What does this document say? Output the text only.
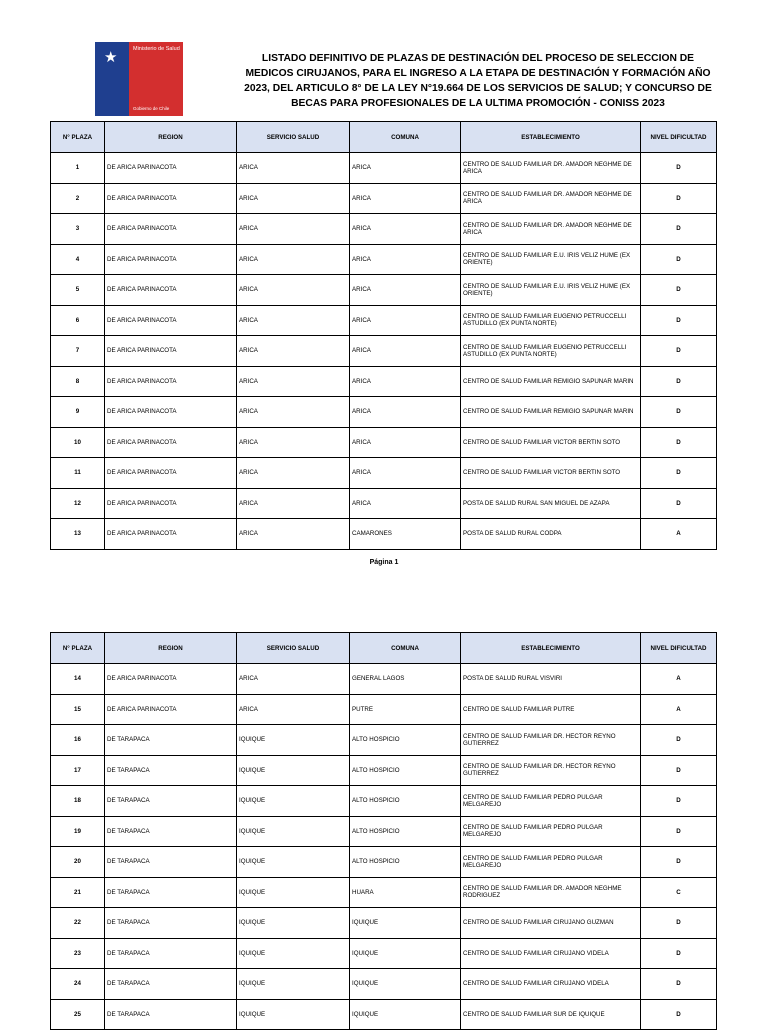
★	Ministerio de Salud
Gobierno de Chile
LISTADO DEFINITIVO DE PLAZAS DE DESTINACIÓN DEL PROCESO DE SELECCION DE MEDICOS CIRUJANOS, PARA EL INGRESO A LA ETAPA DE DESTINACIÓN Y FORMACIÓN AÑO 2023, DEL ARTICULO 8° DE LA LEY N°19.664 DE LOS SERVICIOS DE SALUD; Y CONCURSO DE BECAS PARA PROFESIONALES DE LA ULTIMA PROMOCIÓN - CONISS 2023
N° PLAZA	REGION	SERVICIO SALUD	COMUNA	ESTABLECIMIENTO	NIVEL DIFICULTAD
1	DE ARICA PARINACOTA	ARICA	ARICA	CENTRO DE SALUD FAMILIAR DR. AMADOR NEGHME DE ARICA	D
2	DE ARICA PARINACOTA	ARICA	ARICA	CENTRO DE SALUD FAMILIAR DR. AMADOR NEGHME DE ARICA	D
3	DE ARICA PARINACOTA	ARICA	ARICA	CENTRO DE SALUD FAMILIAR DR. AMADOR NEGHME DE ARICA	D
4	DE ARICA PARINACOTA	ARICA	ARICA	CENTRO DE SALUD FAMILIAR E.U. IRIS VELIZ HUME (EX ORIENTE)	D
5	DE ARICA PARINACOTA	ARICA	ARICA	CENTRO DE SALUD FAMILIAR E.U. IRIS VELIZ HUME (EX ORIENTE)	D
6	DE ARICA PARINACOTA	ARICA	ARICA	CENTRO DE SALUD FAMILIAR EUGENIO PETRUCCELLI ASTUDILLO (EX PUNTA NORTE)	D
7	DE ARICA PARINACOTA	ARICA	ARICA	CENTRO DE SALUD FAMILIAR EUGENIO PETRUCCELLI ASTUDILLO (EX PUNTA NORTE)	D
8	DE ARICA PARINACOTA	ARICA	ARICA	CENTRO DE SALUD FAMILIAR REMIGIO SAPUNAR MARIN	D
9	DE ARICA PARINACOTA	ARICA	ARICA	CENTRO DE SALUD FAMILIAR REMIGIO SAPUNAR MARIN	D
10	DE ARICA PARINACOTA	ARICA	ARICA	CENTRO DE SALUD FAMILIAR VICTOR BERTIN SOTO	D
11	DE ARICA PARINACOTA	ARICA	ARICA	CENTRO DE SALUD FAMILIAR VICTOR BERTIN SOTO	D
12	DE ARICA PARINACOTA	ARICA	ARICA	POSTA DE SALUD RURAL SAN MIGUEL DE AZAPA	D
13	DE ARICA PARINACOTA	ARICA	CAMARONES	POSTA DE SALUD RURAL CODPA	A
Página 1
N° PLAZA	REGION	SERVICIO SALUD	COMUNA	ESTABLECIMIENTO	NIVEL DIFICULTAD
14	DE ARICA PARINACOTA	ARICA	GENERAL LAGOS	POSTA DE SALUD RURAL VISVIRI	A
15	DE ARICA PARINACOTA	ARICA	PUTRE	CENTRO DE SALUD FAMILIAR PUTRE	A
16	DE TARAPACA	IQUIQUE	ALTO HOSPICIO	CENTRO DE SALUD FAMILIAR DR. HECTOR REYNO GUTIERREZ	D
17	DE TARAPACA	IQUIQUE	ALTO HOSPICIO	CENTRO DE SALUD FAMILIAR DR. HECTOR REYNO GUTIERREZ	D
18	DE TARAPACA	IQUIQUE	ALTO HOSPICIO	CENTRO DE SALUD FAMILIAR PEDRO PULGAR MELGAREJO	D
19	DE TARAPACA	IQUIQUE	ALTO HOSPICIO	CENTRO DE SALUD FAMILIAR PEDRO PULGAR MELGAREJO	D
20	DE TARAPACA	IQUIQUE	ALTO HOSPICIO	CENTRO DE SALUD FAMILIAR PEDRO PULGAR MELGAREJO	D
21	DE TARAPACA	IQUIQUE	HUARA	CENTRO DE SALUD FAMILIAR DR. AMADOR NEGHME RODRIGUEZ	C
22	DE TARAPACA	IQUIQUE	IQUIQUE	CENTRO DE SALUD FAMILIAR CIRUJANO GUZMAN	D
23	DE TARAPACA	IQUIQUE	IQUIQUE	CENTRO DE SALUD FAMILIAR CIRUJANO VIDELA	D
24	DE TARAPACA	IQUIQUE	IQUIQUE	CENTRO DE SALUD FAMILIAR CIRUJANO VIDELA	D
25	DE TARAPACA	IQUIQUE	IQUIQUE	CENTRO DE SALUD FAMILIAR SUR DE IQUIQUE	D
